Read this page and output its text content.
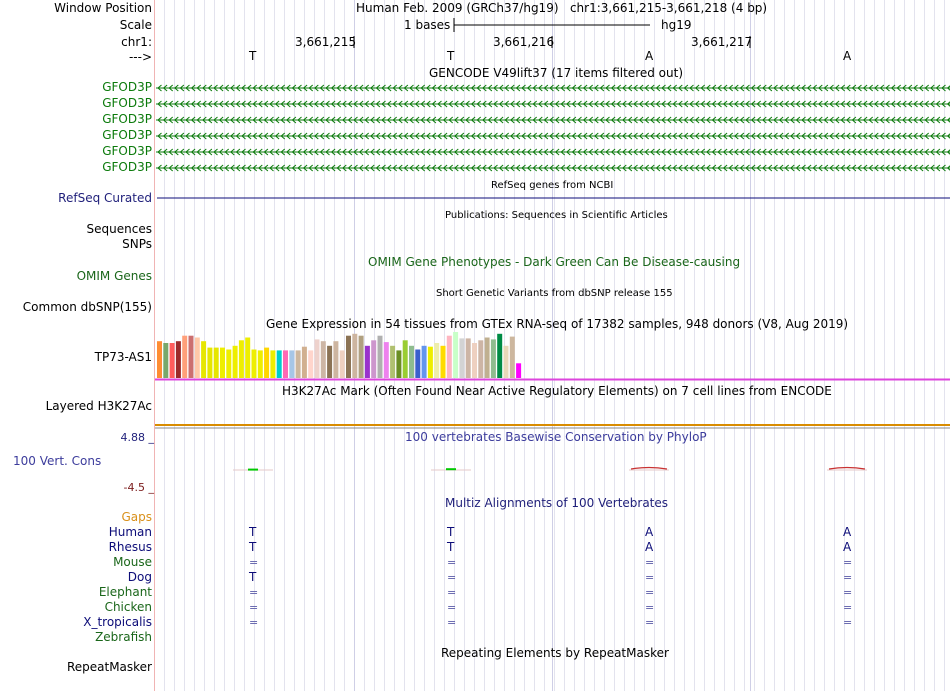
Window Position	Human Feb. 2009 (GRCh37/hg19)   chr1:3,661,215-3,661,218 (4 bp)
Scale	1 bases	hg19
chr1:	3,661,215	3,661,216	3,661,217
--->	T	T	A	A
GENCODE V49lift37 (17 items filtered out)
GFOD3P
GFOD3P
GFOD3P
GFOD3P
GFOD3P
GFOD3P
RefSeq genes from NCBI
RefSeq Curated
Publications: Sequences in Scientific Articles
Sequences
SNPs
OMIM Gene Phenotypes - Dark Green Can Be Disease-causing
OMIM Genes
Short Genetic Variants from dbSNP release 155
Common dbSNP(155)
Gene Expression in 54 tissues from GTEx RNA-seq of 17382 samples, 948 donors (V8, Aug 2019)
TP73-AS1
H3K27Ac Mark (Often Found Near Active Regulatory Elements) on 7 cell lines from ENCODE
Layered H3K27Ac
100 vertebrates Basewise Conservation by PhyloP
4.88 _
100 Vert. Cons
-4.5 _
Multiz Alignments of 100 Vertebrates
Gaps
Human	T	T	A	A
Rhesus	T	T	A	A
Mouse	=	=	=	=
Dog	T	=	=	=
Elephant	=	=	=	=
Chicken	=	=	=	=
X_tropicalis	=	=	=	=
Zebrafish
Repeating Elements by RepeatMasker
RepeatMasker
